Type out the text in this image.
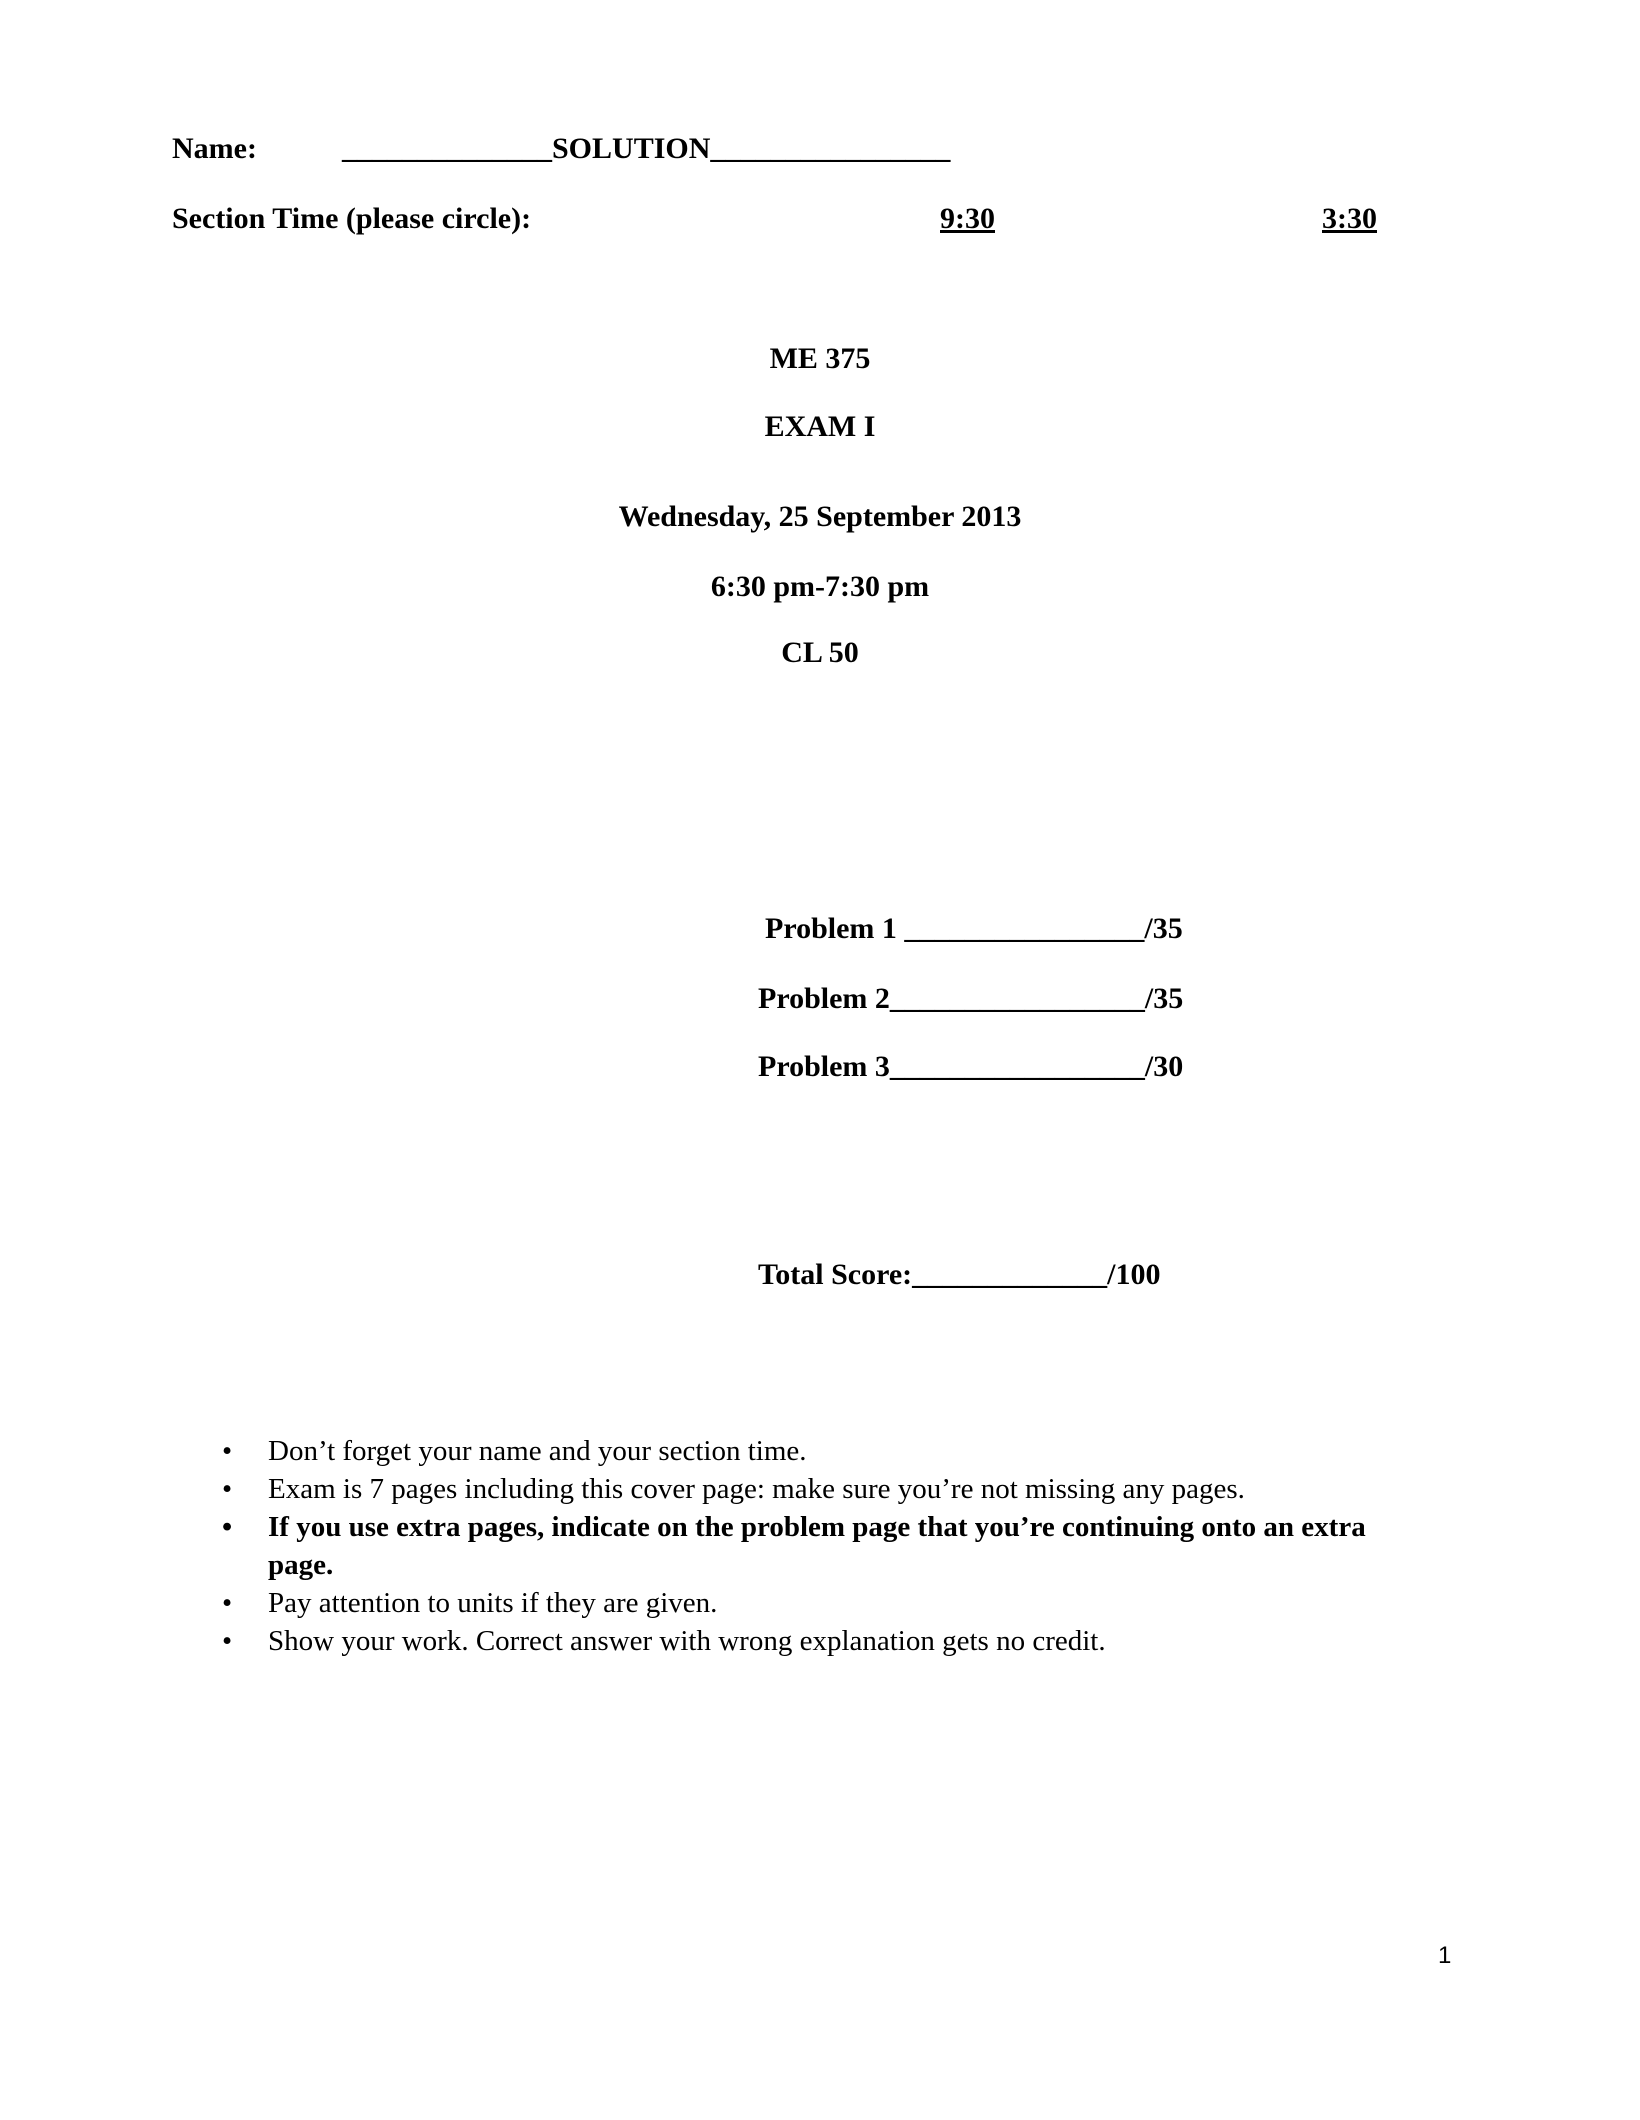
Name:	______________SOLUTION________________
Section Time (please circle):	9:30	3:30
ME 375
EXAM I
Wednesday, 25 September 2013
6:30 pm-7:30 pm
CL 50
Problem 1 ________________/35
Problem 2_________________/35
Problem 3_________________/30
Total Score:_____________/100
• Don’t forget your name and your section time.
• Exam is 7 pages including this cover page: make sure you’re not missing any pages.
• If you use extra pages, indicate on the problem page that you’re continuing onto an extra page.
• Pay attention to units if they are given.
• Show your work. Correct answer with wrong explanation gets no credit.
1
